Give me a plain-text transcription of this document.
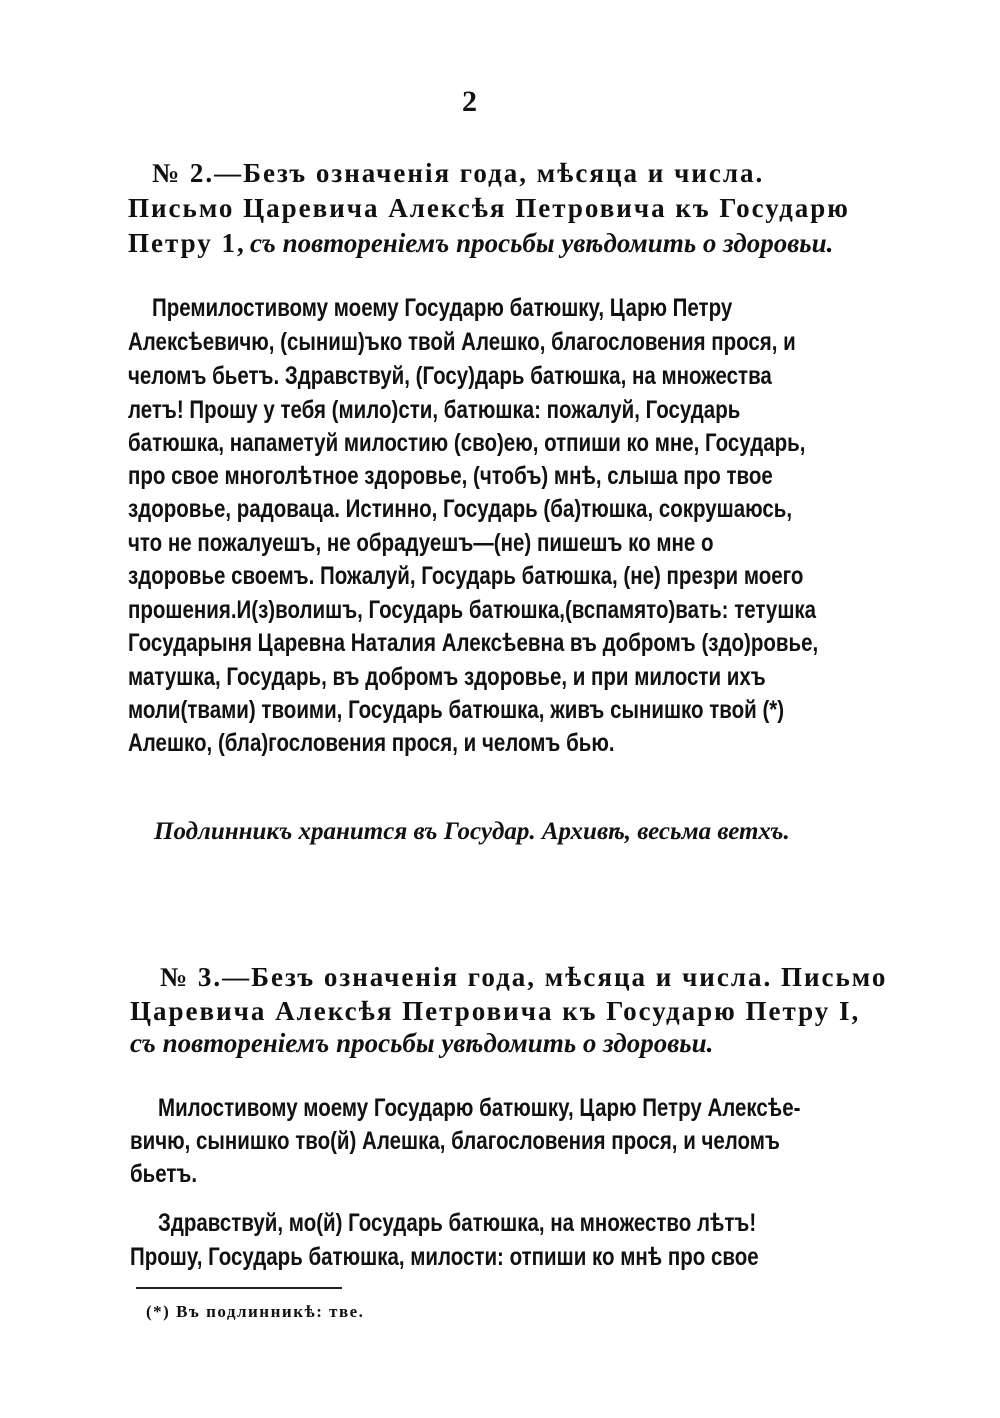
2
№ 2.—Безъ означенія года, мѣсяца и числа.
Письмо Царевича Алексѣя Петровича къ Государю
Петру 1, съ повтореніемъ просьбы увѣдомить о здоровьи.
Премилостивому моему Государю батюшку, Царю Петру
Алексѣевичю, (сыниш)ъко твой Алешко, благословения прося, и
челомъ бьетъ. Здравствуй, (Госу)дарь батюшка, на множества
летъ! Прошу у тебя (мило)сти, батюшка: пожалуй, Государь
батюшка, напаметуй милостию (сво)ею, отпиши ко мне, Государь,
про свое многолѣтное здоровье, (чтобъ) мнѣ, слыша про твое
здоровье, радоваца. Истинно, Государь (ба)тюшка, сокрушаюсь,
что не пожалуешъ, не обрадуешъ—(не) пишешъ ко мне о
здоровье своемъ. Пожалуй, Государь батюшка, (не) презри моего
прошения.И(з)волишъ, Государь батюшка,(вспамято)вать: тетушка
Государыня Царевна Наталия Алексѣевна въ добромъ (здо)ровье,
матушка, Государь, въ добромъ здоровье, и при милости ихъ
моли(твами) твоими, Государь батюшка, живъ сынишко твой (*)
Алешко, (бла)гословения прося, и челомъ бью.
Подлинникъ хранится въ Государ. Архивѣ, весьма ветхъ.
№ 3.—Безъ означенія года, мѣсяца и числа. Письмо
Царевича Алексѣя Петровича къ Государю Петру I,
съ повтореніемъ просьбы увѣдомить о здоровьи.
Милостивому моему Государю батюшку, Царю Петру Алексѣе-
вичю, сынишко тво(й) Алешка, благословения прося, и челомъ
бьетъ.
Здравствуй, мо(й) Государь батюшка, на множество лѣтъ!
Прошу, Государь батюшка, милости: отпиши ко мнѣ про свое
(*) Въ подлинникѣ: твe.
